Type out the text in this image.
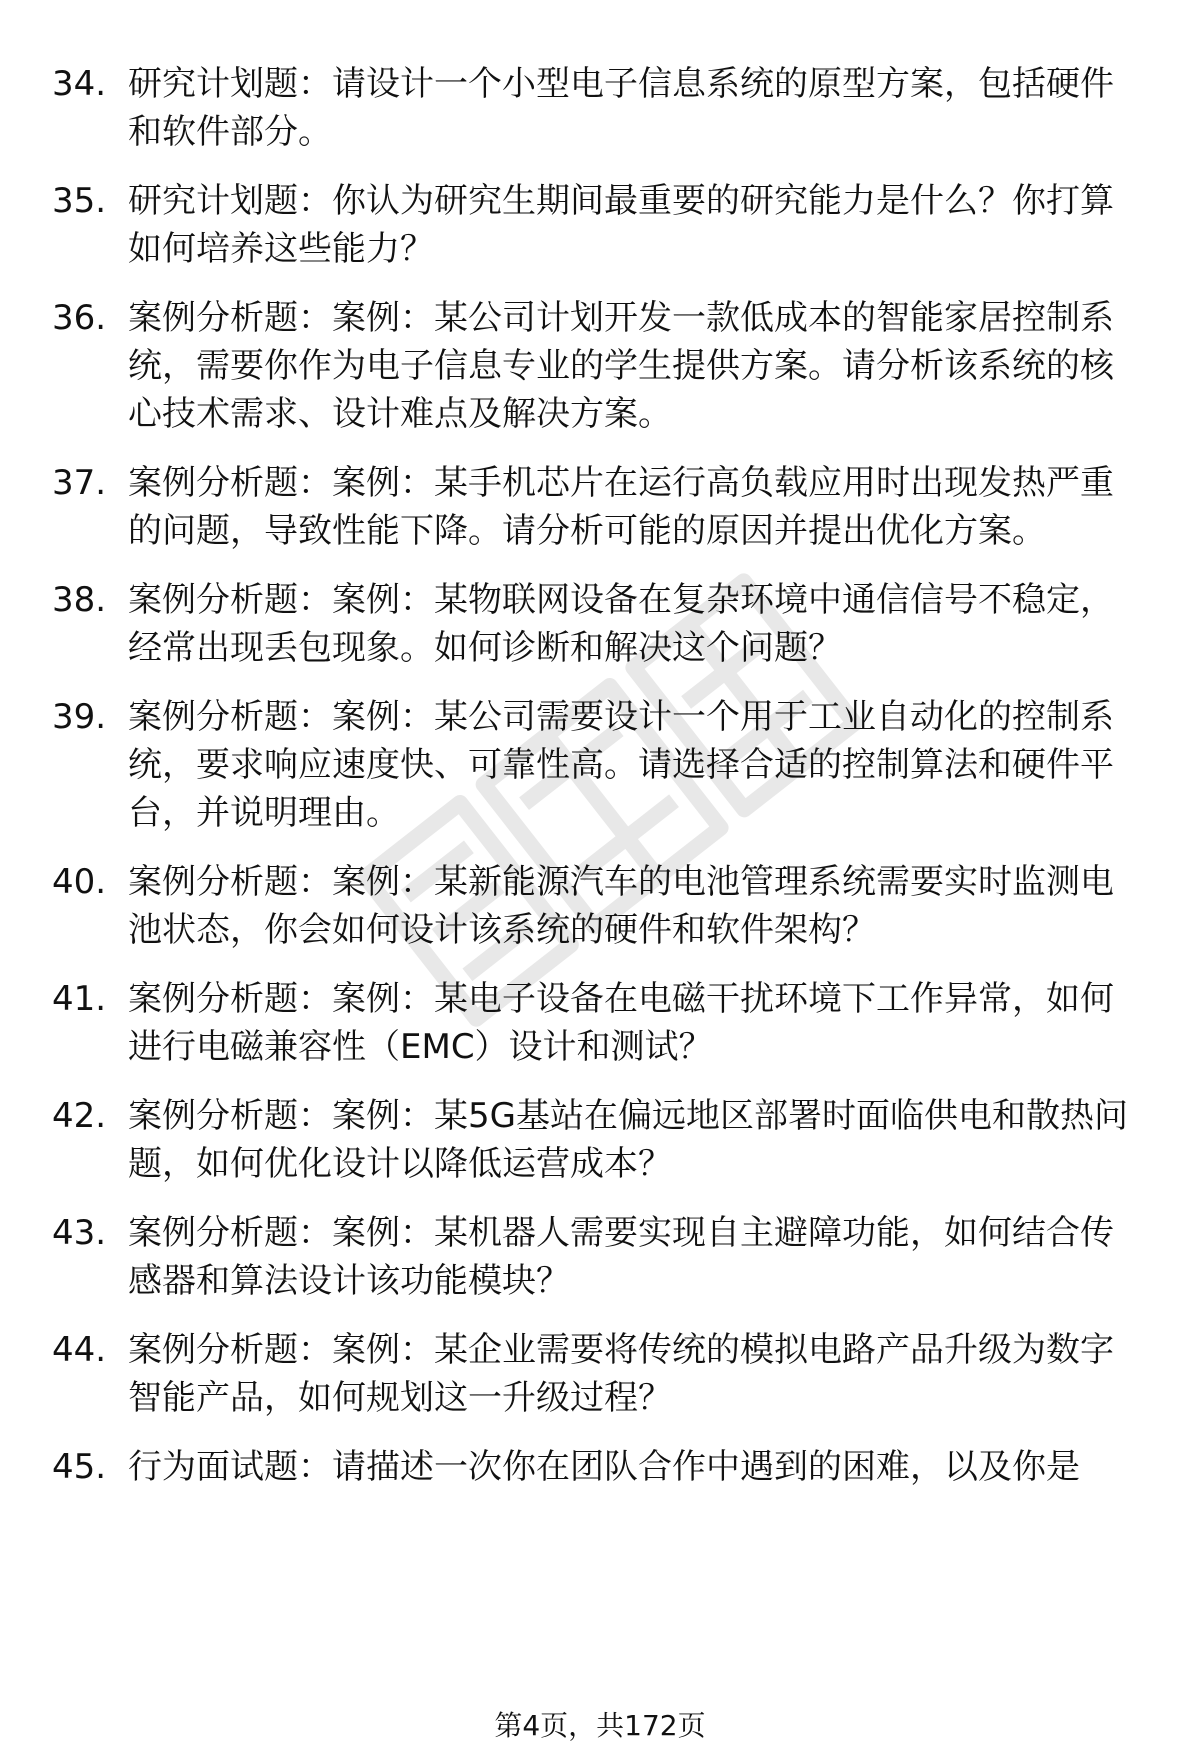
34. 研究计划题：请设计一个小型电子信息系统的原型方案，包括硬件和软件部分。
35. 研究计划题：你认为研究生期间最重要的研究能力是什么？你打算如何培养这些能力？
36. 案例分析题：案例：某公司计划开发一款低成本的智能家居控制系统，需要你作为电子信息专业的学生提供方案。请分析该系统的核心技术需求、设计难点及解决方案。
37. 案例分析题：案例：某手机芯片在运行高负载应用时出现发热严重的问题，导致性能下降。请分析可能的原因并提出优化方案。
38. 案例分析题：案例：某物联网设备在复杂环境中通信信号不稳定，经常出现丢包现象。如何诊断和解决这个问题？
39. 案例分析题：案例：某公司需要设计一个用于工业自动化的控制系统，要求响应速度快、可靠性高。请选择合适的控制算法和硬件平台，并说明理由。
40. 案例分析题：案例：某新能源汽车的电池管理系统需要实时监测电池状态，你会如何设计该系统的硬件和软件架构？
41. 案例分析题：案例：某电子设备在电磁干扰环境下工作异常，如何进行电磁兼容性（EMC）设计和测试？
42. 案例分析题：案例：某5G基站在偏远地区部署时面临供电和散热问题，如何优化设计以降低运营成本？
43. 案例分析题：案例：某机器人需要实现自主避障功能，如何结合传感器和算法设计该功能模块？
44. 案例分析题：案例：某企业需要将传统的模拟电路产品升级为数字智能产品，如何规划这一升级过程？
45. 行为面试题：请描述一次你在团队合作中遇到的困难，以及你是
第4页，共172页
